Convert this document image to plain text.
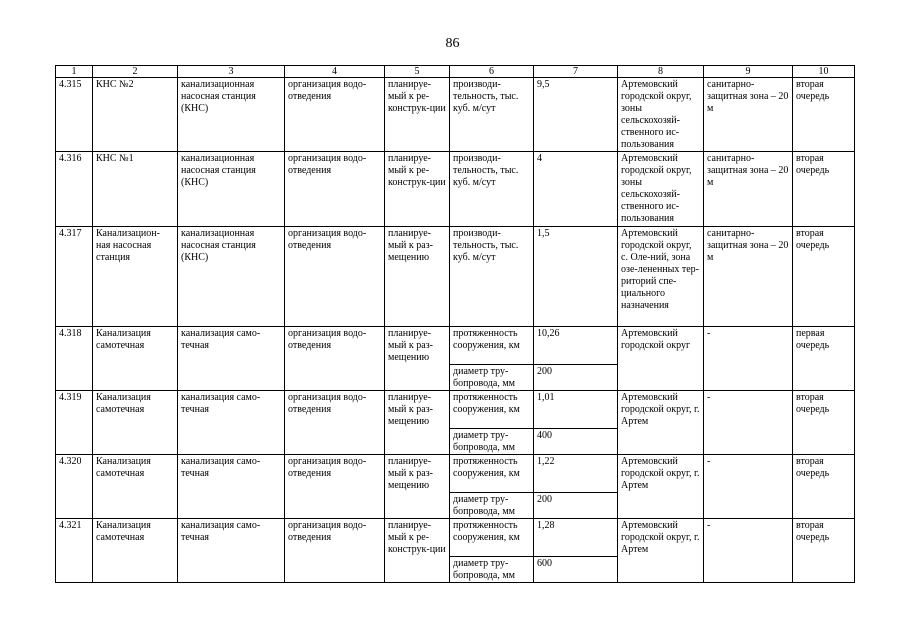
86
1	2	3	4	5	6	7	8	9	10
4.315	КНС №2	канализационная насосная станция (КНС)	организация водо-отведения	планируе-мый к ре-конструк-ции	производи-тельность, тыс. куб. м/сут	9,5	Артемовский городской округ, зоны сельскохозяй-ственного ис-пользования	санитарно-защитная зона – 20 м	вторая очередь
4.316	КНС №1	канализационная насосная станция (КНС)	организация водо-отведения	планируе-мый к ре-конструк-ции	производи-тельность, тыс. куб. м/сут	4	Артемовский городской округ, зоны сельскохозяй-ственного ис-пользования	санитарно-защитная зона – 20 м	вторая очередь
4.317	Канализацион-ная насосная станция	канализационная насосная станция (КНС)	организация водо-отведения	планируе-мый к раз-мещению	производи-тельность, тыс. куб. м/сут	1,5	Артемовский городской округ, с. Оле-ний, зона озе-лененных тер-риторий спе-циального назначения	санитарно-защитная зона – 20 м	вторая очередь
4.318	Канализация самотечная	канализация само-течная	организация водо-отведения	планируе-мый к раз-мещению	протяженность сооружения, км	10,26	Артемовский городской округ	-	первая очередь
					диаметр тру-бопровода, мм	200			
4.319	Канализация самотечная	канализация само-течная	организация водо-отведения	планируе-мый к раз-мещению	протяженность сооружения, км	1,01	Артемовский городской округ, г. Артем	-	вторая очередь
					диаметр тру-бопровода, мм	400			
4.320	Канализация самотечная	канализация само-течная	организация водо-отведения	планируе-мый к раз-мещению	протяженность сооружения, км	1,22	Артемовский городской округ, г. Артем	-	вторая очередь
					диаметр тру-бопровода, мм	200			
4.321	Канализация самотечная	канализация само-течная	организация водо-отведения	планируе-мый к ре-конструк-ции	протяженность сооружения, км	1,28	Артемовский городской округ, г. Артем	-	вторая очередь
					диаметр тру-бопровода, мм	600			
